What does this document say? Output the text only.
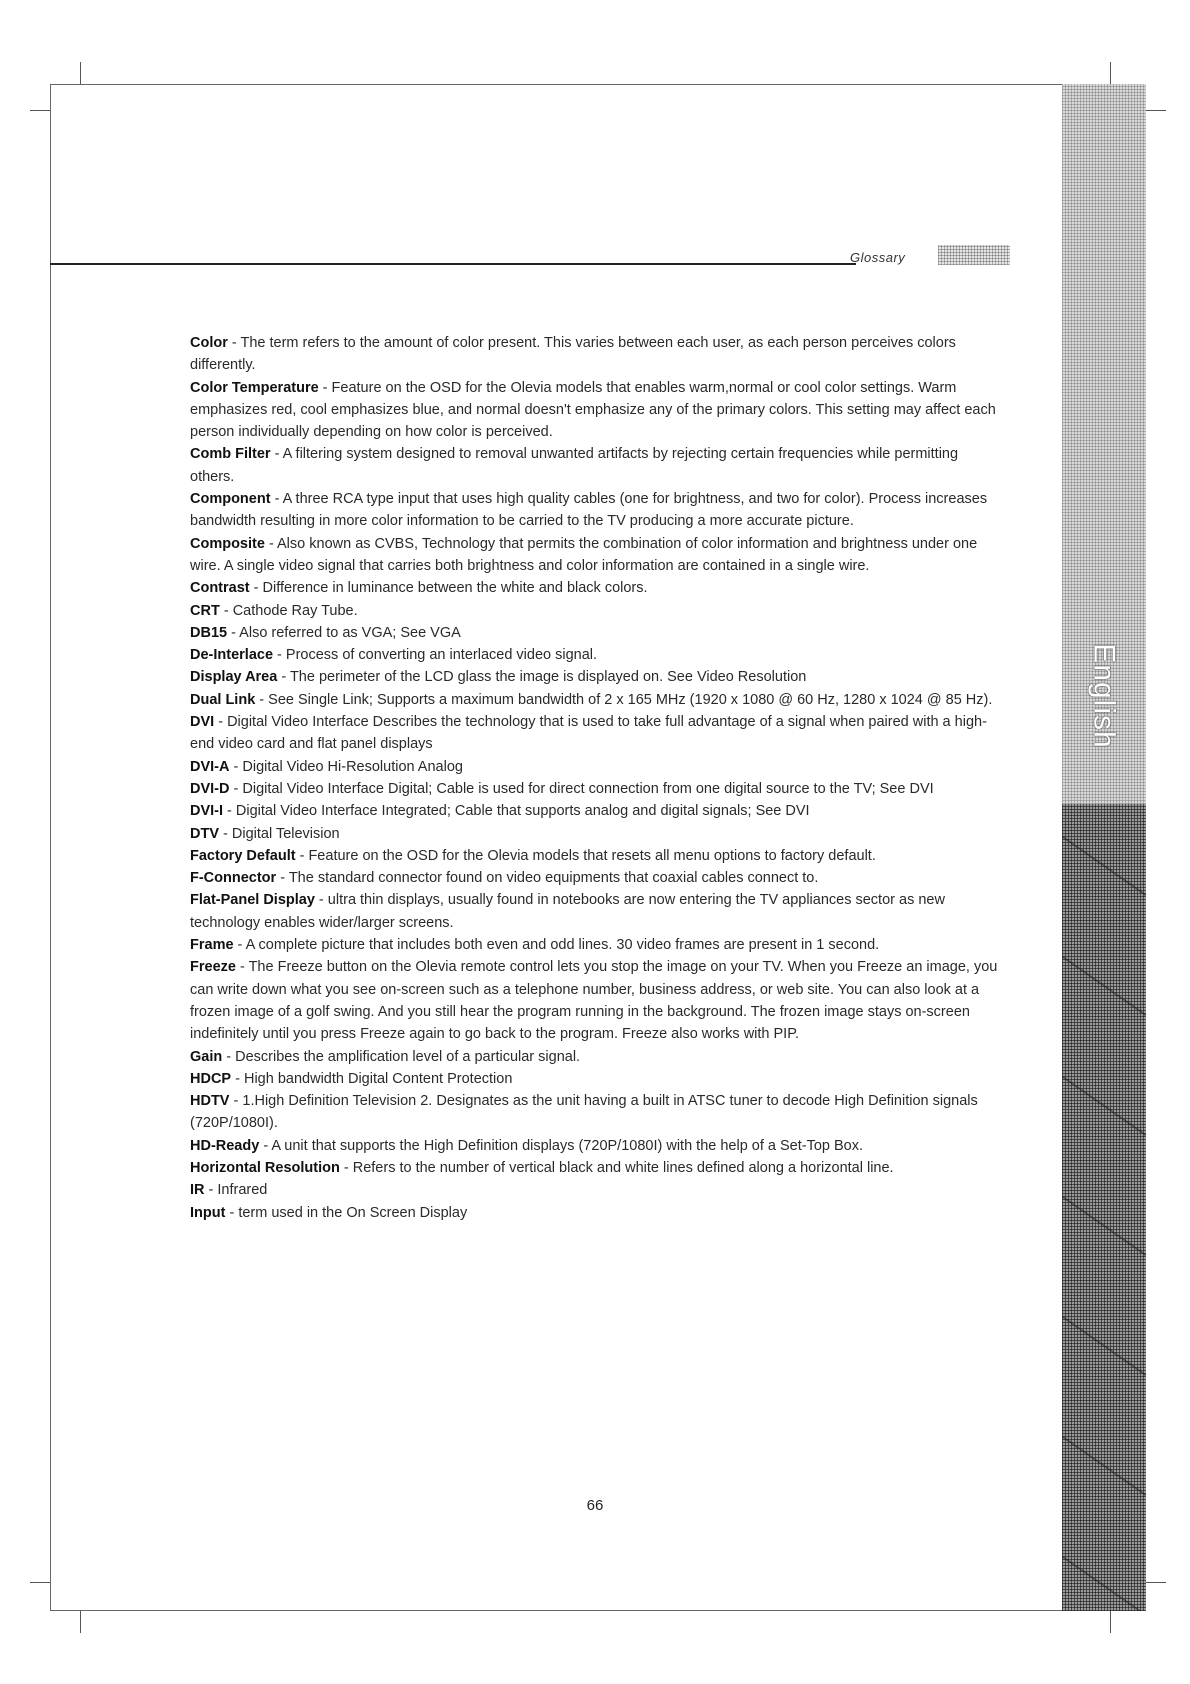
English
Glossary

Color - The term refers to the amount of color present. This varies between each user, as each person perceives colors differently.

Color Temperature - Feature on the OSD for the Olevia models that enables warm,normal or cool color settings. Warm emphasizes red, cool emphasizes blue, and normal doesn't emphasize any of the primary colors. This setting may affect each person individually depending on how color is perceived.

Comb Filter - A filtering system designed to removal unwanted artifacts by rejecting certain frequencies while permitting others.

Component - A three RCA type input that uses high quality cables (one for brightness, and two for color). Process increases bandwidth resulting in more color information to be carried to the TV producing a more accurate picture.

Composite - Also known as CVBS, Technology that permits the combination of color information and brightness under one wire. A single video signal that carries both brightness and color information are contained in a single wire.

Contrast - Difference in luminance between the white and black colors.

CRT - Cathode Ray Tube.

DB15 - Also referred to as VGA; See VGA

De-Interlace - Process of converting an interlaced video signal.

Display Area - The perimeter of the LCD glass the image is displayed on. See Video Resolution

Dual Link - See Single Link; Supports a maximum bandwidth of 2 x 165 MHz (1920 x 1080 @ 60 Hz, 1280 x 1024 @ 85 Hz).

DVI - Digital Video Interface Describes the technology that is used to take full advantage of a signal when paired with a high-end video card and flat panel displays

DVI-A - Digital Video Hi-Resolution Analog

DVI-D - Digital Video Interface Digital; Cable is used for direct connection from one digital source to the TV; See DVI

DVI-I - Digital Video Interface Integrated; Cable that supports analog and digital signals; See DVI

DTV - Digital Television

Factory Default - Feature on the OSD for the Olevia models that resets all menu options to factory default.

F-Connector - The standard connector found on video equipments that coaxial cables connect to.

Flat-Panel Display - ultra thin displays, usually found in notebooks are now entering the TV appliances sector as new technology enables wider/larger screens.

Frame - A complete picture that includes both even and odd lines. 30 video frames are present in 1 second.

Freeze - The Freeze button on the Olevia remote control lets you stop the image on your TV. When you Freeze an image, you can write down what you see on-screen such as a telephone number, business address, or web site. You can also look at a frozen image of a golf swing. And you still hear the program running in the background. The frozen image stays on-screen indefinitely until you press Freeze again to go back to the program. Freeze also works with PIP.

Gain - Describes the amplification level of a particular signal.

HDCP - High bandwidth Digital Content Protection

HDTV - 1.High Definition Television 2. Designates as the unit having a built in ATSC tuner to decode High Definition signals (720P/1080I).

HD-Ready - A unit that supports the High Definition displays (720P/1080I) with the help of a Set-Top Box.

Horizontal Resolution - Refers to the number of vertical black and white lines defined along a horizontal line.

IR - Infrared

Input - term used in the On Screen Display

66
